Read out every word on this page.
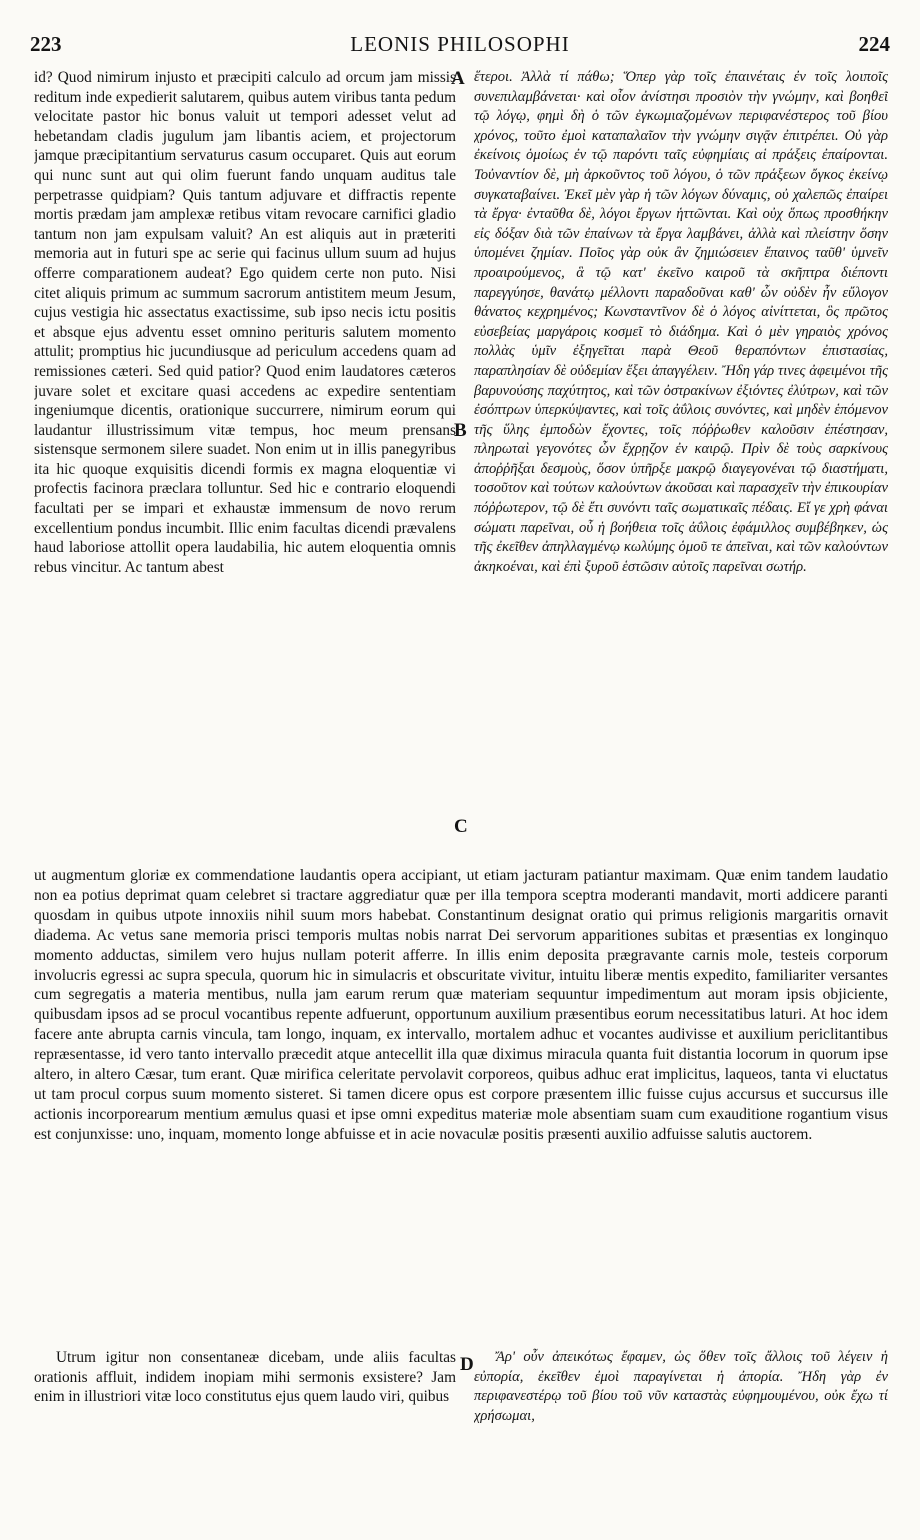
223	LEONIS PHILOSOPHI	224
A
B
C
D

id? Quod nimirum injusto et præcipiti calculo ad orcum jam missis reditum inde expedierit salutarem, quibus autem viribus tanta pedum velocitate pastor hic bonus valuit ut tempori adesset velut ad hebetandam cladis jugulum jam libantis aciem, et projectorum jamque præcipitantium servaturus casum occuparet. Quis aut eorum qui nunc sunt aut qui olim fuerunt fando unquam auditus tale perpetrasse quidpiam? Quis tantum adjuvare et diffractis repente mortis prædam jam amplexæ retibus vitam revocare carnifici gladio tantum non jam expulsam valuit? An est aliquis aut in præteriti memoria aut in futuri spe ac serie qui facinus ullum suum ad hujus offerre comparationem audeat? Ego quidem certe non puto. Nisi citet aliquis primum ac summum sacrorum antistitem meum Jesum, cujus vestigia hic assectatus exactissime, sub ipso necis ictu positis et absque ejus adventu esset omnino perituris salutem momento attulit; promptius hic jucundiusque ad periculum accedens quam ad remissiones cæteri. Sed quid patior? Quod enim laudatores cæteros juvare solet et excitare quasi accedens ac expedire sententiam ingeniumque dicentis, orationique succurrere, nimirum eorum qui laudantur illustrissimum vitæ tempus, hoc meum prensans sistensque sermonem silere suadet. Non enim ut in illis panegyribus ita hic quoque exquisitis dicendi formis ex magna eloquentiæ vi profectis facinora præclara tolluntur. Sed hic e contrario eloquendi facultati per se impari et exhaustæ immensum de novo rerum excellentium pondus incumbit. Illic enim facultas dicendi prævalens haud laboriose attollit opera laudabilia, hic autem eloquentia omnis rebus vincitur. Ac tantum abest

ἕτεροι. Ἀλλὰ τί πάθω; Ὅπερ γὰρ τοῖς ἐπαινέταις ἐν τοῖς λοιποῖς συνεπιλαμβάνεται· καὶ οἷον ἀνίστησι προσιὸν τὴν γνώμην, καὶ βοηθεῖ τῷ λόγῳ, φημὶ δὴ ὁ τῶν ἐγκωμιαζομένων περιφανέστερος τοῦ βίου χρόνος, τοῦτο ἐμοὶ καταπαλαῖον τὴν γνώμην σιγᾷν ἐπιτρέπει. Οὐ γὰρ ἐκείνοις ὁμοίως ἐν τῷ παρόντι ταῖς εὐφημίαις αἱ πράξεις ἐπαίρονται. Τοὐναντίον δὲ, μὴ ἀρκοῦντος τοῦ λόγου, ὁ τῶν πράξεων ὄγκος ἐκείνῳ συγκαταβαίνει. Ἐκεῖ μὲν γὰρ ἡ τῶν λόγων δύναμις, οὐ χαλεπῶς ἐπαίρει τὰ ἔργα· ἐνταῦθα δὲ, λόγοι ἔργων ἡττῶνται. Καὶ οὐχ ὅπως προσθήκην εἰς δόξαν διὰ τῶν ἐπαίνων τὰ ἔργα λαμβάνει, ἀλλὰ καὶ πλείστην ὅσην ὑπομένει ζημίαν. Ποῖος γὰρ οὐκ ἂν ζημιώσειεν ἔπαινος ταῦθ' ὑμνεῖν προαιρούμενος, ἃ τῷ κατ' ἐκεῖνο καιροῦ τὰ σκῆπτρα διέποντι παρεγγύησε, θανάτῳ μέλλοντι παραδοῦναι καθ' ὧν οὐδὲν ἦν εὔλογον θάνατος κεχρημένος; Κωνσταντῖνον δὲ ὁ λόγος αἰνίττεται, ὃς πρῶτος εὐσεβείας μαργάροις κοσμεῖ τὸ διάδημα. Καὶ ὁ μὲν γηραιὸς χρόνος πολλὰς ὑμῖν ἐξηγεῖται παρὰ Θεοῦ θεραπόντων ἐπιστασίας, παραπλησίαν δὲ οὐδεμίαν ἕξει ἀπαγγέλειν. Ἤδη γάρ τινες ἀφειμένοι τῆς βαρυνούσης παχύτητος, καὶ τῶν ὀστρακίνων ἐξιόντες ἐλύτρων, καὶ τῶν ἐσόπτρων ὑπερκύψαντες, καὶ τοῖς ἀΰλοις συνόντες, καὶ μηδὲν ἑπόμενον τῆς ὕλης ἐμποδὼν ἔχοντες, τοῖς πόῤῥωθεν καλοῦσιν ἐπέστησαν, πληρωταὶ γεγονότες ὧν ἔχρῃζον ἐν καιρῷ. Πρὶν δὲ τοὺς σαρκίνους ἀποῤῥῆξαι δεσμοὺς, ὅσον ὑπῆρξε μακρῷ διαγεγονέναι τῷ διαστήματι, τοσοῦτον καὶ τούτων καλούντων ἀκοῦσαι καὶ παρασχεῖν τὴν ἐπικουρίαν πόῤῥωτερον, τῷ δὲ ἔτι συνόντι ταῖς σωματικαῖς πέδαις. Εἴ γε χρὴ φάναι σώματι παρεῖναι, οὗ ἡ βοήθεια τοῖς ἀΰλοις ἐφάμιλλος συμβέβηκεν, ὡς τῆς ἐκεῖθεν ἀπηλλαγμένῳ κωλύμης ὁμοῦ τε ἀπεῖναι, καὶ τῶν καλούντων ἀκηκοέναι, καὶ ἐπὶ ξυροῦ ἑστῶσιν αὐτοῖς παρεῖναι σωτήρ.

ut augmentum gloriæ ex commendatione laudantis opera accipiant, ut etiam jacturam patiantur maximam. Quæ enim tandem laudatio non ea potius deprimat quam celebret si tractare aggrediatur quæ per illa tempora sceptra moderanti mandavit, morti addicere paranti quosdam in quibus utpote innoxiis nihil suum mors habebat. Constantinum designat oratio qui primus religionis margaritis ornavit diadema. Ac vetus sane memoria prisci temporis multas nobis narrat Dei servorum apparitiones subitas et præsentias ex longinquo momento adductas, similem vero hujus nullam poterit afferre. In illis enim deposita prægravante carnis mole, testeis corporum involucris egressi ac supra specula, quorum hic in simulacris et obscuritate vivitur, intuitu liberæ mentis expedito, familiariter versantes cum segregatis a materia mentibus, nulla jam earum rerum quæ materiam sequuntur impedimentum aut moram ipsis objiciente, quibusdam ipsos ad se procul vocantibus repente adfuerunt, opportunum auxilium præsentibus eorum necessitatibus laturi. At hoc idem facere ante abrupta carnis vincula, tam longo, inquam, ex intervallo, mortalem adhuc et vocantes audivisse et auxilium periclitantibus repræsentasse, id vero tanto intervallo præcedit atque antecellit illa quæ diximus miracula quanta fuit distantia locorum in quorum ipse altero, in altero Cæsar, tum erant. Quæ mirifica celeritate pervolavit corporeos, quibus adhuc erat implicitus, laqueos, tanta vi eluctatus ut tam procul corpus suum momento sisteret. Si tamen dicere opus est corpore præsentem illic fuisse cujus accursus et succursus ille actionis incorporearum mentium æmulus quasi et ipse omni expeditus materiæ mole absentiam suam cum exauditione rogantium visus est conjunxisse: uno, inquam, momento longe abfuisse et in acie novaculæ positis præsenti auxilio adfuisse salutis auctorem.

Utrum igitur non consentaneæ dicebam, unde aliis facultas orationis affluit, indidem inopiam mihi sermonis exsistere? Jam enim in illustriori vitæ loco constitutus ejus quem laudo viri, quibus

Ἄρ' οὖν ἀπεικότως ἔφαμεν, ὡς ὅθεν τοῖς ἄλλοις τοῦ λέγειν ἡ εὐπορία, ἐκεῖθεν ἐμοὶ παραγίνεται ἡ ἀπορία. Ἤδη γὰρ ἐν περιφανεστέρῳ τοῦ βίου τοῦ νῦν καταστὰς εὐφημουμένου, οὐκ ἔχω τί χρήσωμαι,
